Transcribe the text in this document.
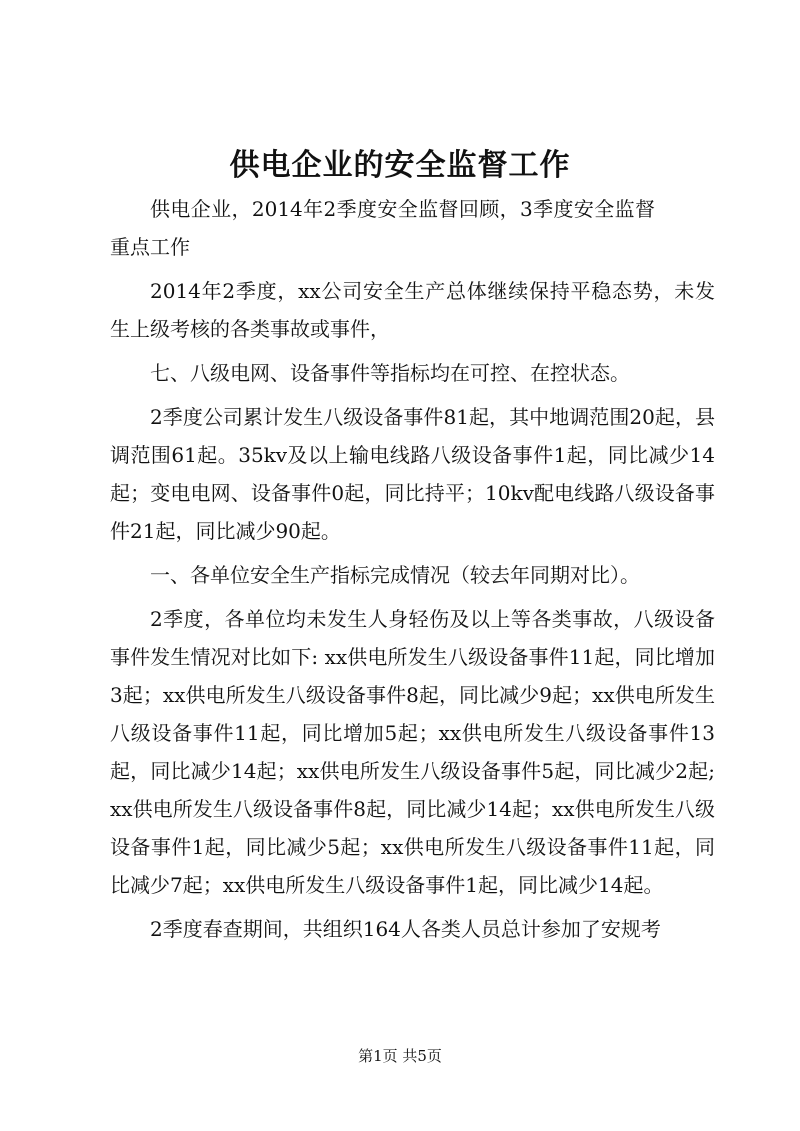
供电企业的安全监督工作

供电企业，2014年2季度安全监督回顾，3季度安全监督重点工作

2014年2季度，xx公司安全生产总体继续保持平稳态势，未发生上级考核的各类事故或事件，

七、八级电网、设备事件等指标均在可控、在控状态。

2季度公司累计发生八级设备事件81起，其中地调范围20起，县调范围61起。35kv及以上输电线路八级设备事件1起，同比减少14起；变电电网、设备事件0起，同比持平；10kv配电线路八级设备事件21起，同比减少90起。

一、各单位安全生产指标完成情况（较去年同期对比）。

2季度，各单位均未发生人身轻伤及以上等各类事故，八级设备事件发生情况对比如下: xx供电所发生八级设备事件11起，同比增加3起；xx供电所发生八级设备事件8起，同比减少9起；xx供电所发生八级设备事件11起，同比增加5起；xx供电所发生八级设备事件13起，同比减少14起；xx供电所发生八级设备事件5起，同比减少2起; xx供电所发生八级设备事件8起，同比减少14起；xx供电所发生八级设备事件1起，同比减少5起；xx供电所发生八级设备事件11起，同比减少7起；xx供电所发生八级设备事件1起，同比减少14起。

2季度春查期间，共组织164人各类人员总计参加了安规考

第1页 共5页
